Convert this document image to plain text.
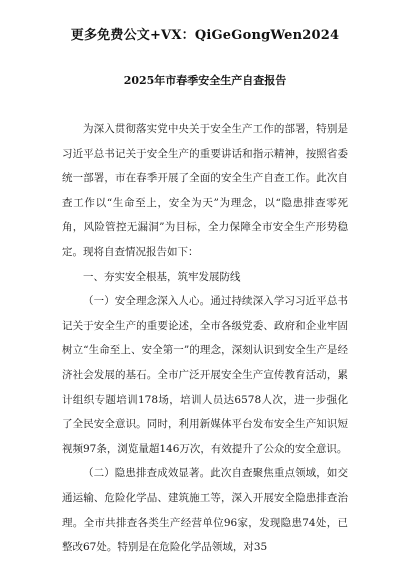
更多免费公文+VX：QiGeGongWen2024
2025年市春季安全生产自查报告

为深入贯彻落实党中央关于安全生产工作的部署，特别是习近平总书记关于安全生产的重要讲话和指示精神，按照省委统一部署，市在春季开展了全面的安全生产自查工作。此次自查工作以“生命至上，安全为天”为理念，以“隐患排查零死角，风险管控无漏洞”为目标，全力保障全市安全生产形势稳定。现将自查情况报告如下：

一、夯实安全根基，筑牢发展防线

（一）安全理念深入人心。通过持续深入学习习近平总书记关于安全生产的重要论述，全市各级党委、政府和企业牢固树立“生命至上、安全第一”的理念，深刻认识到安全生产是经济社会发展的基石。全市广泛开展安全生产宣传教育活动，累计组织专题培训178场，培训人员达6578人次，进一步强化了全民安全意识。同时，利用新媒体平台发布安全生产知识短视频97条，浏览量超146万次，有效提升了公众的安全意识。

（二）隐患排查成效显著。此次自查聚焦重点领域，如交通运输、危险化学品、建筑施工等，深入开展安全隐患排查治理。全市共排查各类生产经营单位96家，发现隐患74处，已整改67处。特别是在危险化学品领域，对35
